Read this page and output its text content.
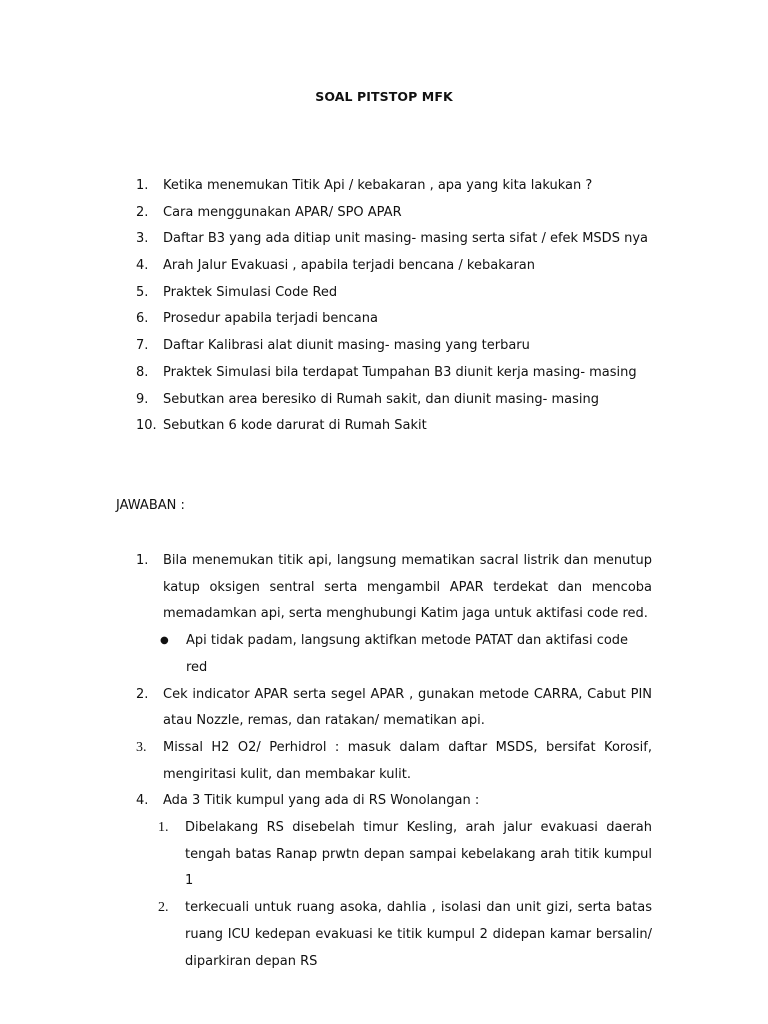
SOAL PITSTOP MFK
1.	Ketika menemukan Titik Api / kebakaran , apa yang kita lakukan ?
2.	Cara menggunakan APAR/ SPO APAR
3.	Daftar B3 yang ada ditiap unit masing- masing serta sifat / efek MSDS nya
4.	Arah Jalur Evakuasi , apabila terjadi bencana / kebakaran
5.	Praktek Simulasi Code Red
6.	Prosedur apabila terjadi bencana
7.	Daftar Kalibrasi alat diunit masing- masing yang terbaru
8.	Praktek Simulasi bila terdapat Tumpahan B3 diunit kerja masing- masing
9.	Sebutkan area beresiko di Rumah sakit, dan diunit masing- masing
10. Sebutkan 6 kode darurat di Rumah Sakit
JAWABAN :
1.	Bila menemukan titik api, langsung mematikan sacral listrik dan menutup katup oksigen sentral serta mengambil APAR terdekat dan mencoba memadamkan api, serta menghubungi Katim jaga untuk aktifasi code red.
●	Api tidak padam, langsung aktifkan metode PATAT dan aktifasi code red
2.	Cek indicator APAR serta segel APAR , gunakan metode CARRA, Cabut PIN atau Nozzle, remas, dan ratakan/ mematikan api.
3.	Missal H2 O2/ Perhidrol : masuk dalam daftar MSDS, bersifat Korosif, mengiritasi kulit, dan membakar kulit.
4.	Ada 3 Titik kumpul yang ada di RS Wonolangan :
1.	Dibelakang RS disebelah timur Kesling, arah jalur evakuasi daerah tengah batas Ranap prwtn depan sampai kebelakang arah titik kumpul 1
2.	terkecuali untuk ruang asoka, dahlia , isolasi dan unit gizi, serta batas ruang ICU kedepan evakuasi ke titik kumpul 2 didepan kamar bersalin/ diparkiran depan RS
